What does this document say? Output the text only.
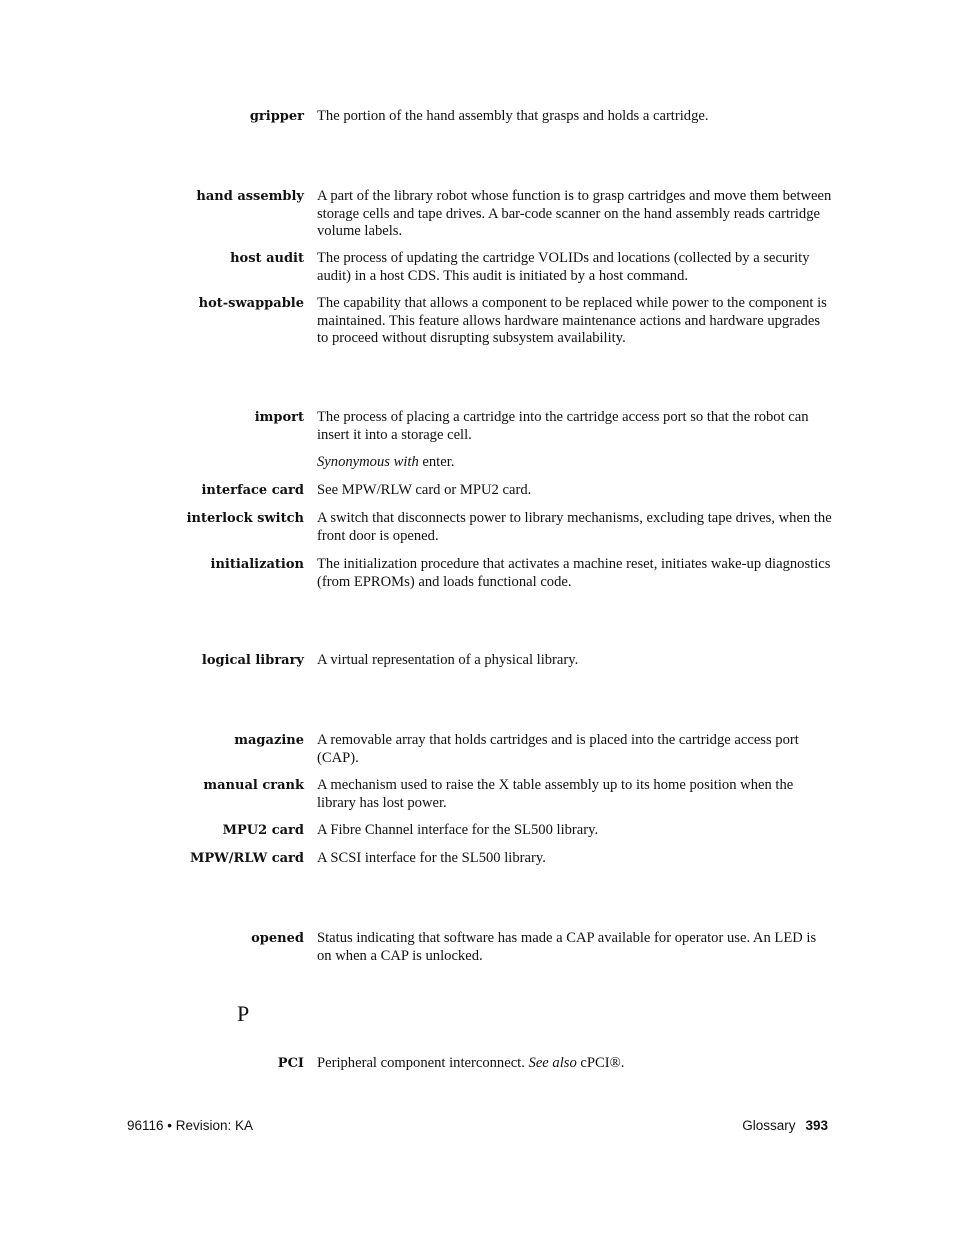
gripper The portion of the hand assembly that grasps and holds a cartridge.

hand assembly A part of the library robot whose function is to grasp cartridges and move them between storage cells and tape drives. A bar-code scanner on the hand assembly reads cartridge volume labels.

host audit The process of updating the cartridge VOLIDs and locations (collected by a security audit) in a host CDS. This audit is initiated by a host command.

hot-swappable The capability that allows a component to be replaced while power to the component is maintained. This feature allows hardware maintenance actions and hardware upgrades to proceed without disrupting subsystem availability.

import The process of placing a cartridge into the cartridge access port so that the robot can insert it into a storage cell.

Synonymous with enter.

interface card See MPW/RLW card or MPU2 card.

interlock switch A switch that disconnects power to library mechanisms, excluding tape drives, when the front door is opened.

initialization The initialization procedure that activates a machine reset, initiates wake-up diagnostics (from EPROMs) and loads functional code.

logical library A virtual representation of a physical library.

magazine A removable array that holds cartridges and is placed into the cartridge access port (CAP).

manual crank A mechanism used to raise the X table assembly up to its home position when the library has lost power.

MPU2 card A Fibre Channel interface for the SL500 library.

MPW/RLW card A SCSI interface for the SL500 library.

opened Status indicating that software has made a CAP available for operator use. An LED is on when a CAP is unlocked.

P
PCI Peripheral component interconnect. See also cPCI®.

96116 • Revision: KA	Glossary 393
